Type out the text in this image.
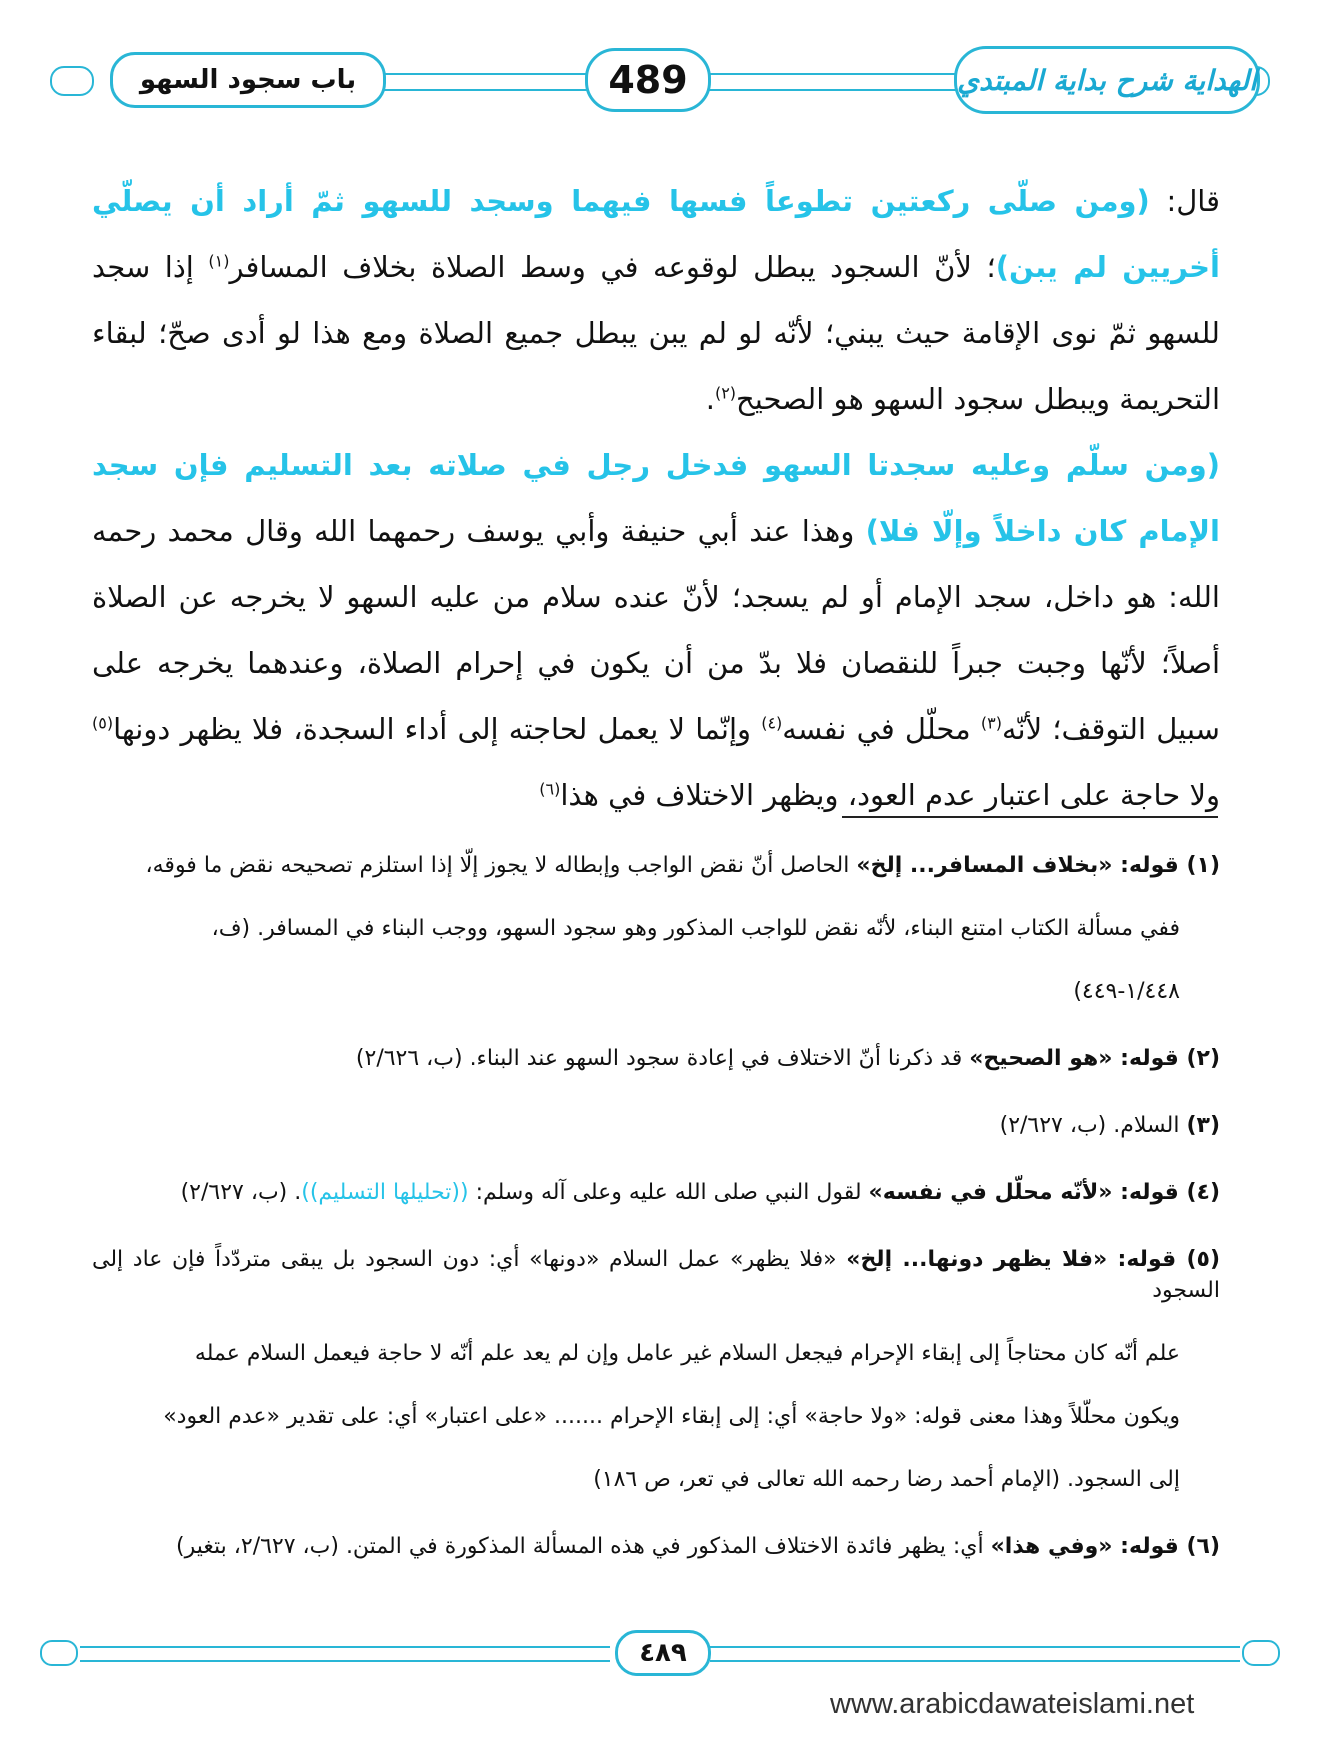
باب سجود السهو	489	الهداية شرح بداية المبتدي

قال: (ومن صلّى ركعتين تطوعاً فسها فيهما وسجد للسهو ثمّ أراد أن يصلّي أخريين لم يبن)؛ لأنّ السجود يبطل لوقوعه في وسط الصلاة بخلاف المسافر$^{(١)}$ إذا سجد للسهو ثمّ نوى الإقامة حيث يبني؛ لأنّه لو لم يبن يبطل جميع الصلاة ومع هذا لو أدى صحّ؛ لبقاء التحريمة ويبطل سجود السهو هو الصحيح$^{(٢)}$.

(ومن سلّم وعليه سجدتا السهو فدخل رجل في صلاته بعد التسليم فإن سجد الإمام كان داخلاً وإلّا فلا) وهذا عند أبي حنيفة وأبي يوسف رحمهما الله وقال محمد رحمه الله: هو داخل، سجد الإمام أو لم يسجد؛ لأنّ عنده سلام من عليه السهو لا يخرجه عن الصلاة أصلاً؛ لأنّها وجبت جبراً للنقصان فلا بدّ من أن يكون في إحرام الصلاة، وعندهما يخرجه على سبيل التوقف؛ لأنّه$^{(٣)}$ محلّل في نفسه$^{(٤)}$ وإنّما لا يعمل لحاجته إلى أداء السجدة، فلا يظهر دونها$^{(٥)}$ ولا حاجة على اعتبار عدم العود، ويظهر الاختلاف في هذا$^{(٦)}$

(١) قوله: «بخلاف المسافر... إلخ» الحاصل أنّ نقض الواجب وإبطاله لا يجوز إلّا إذا استلزم تصحيحه نقض ما فوقه،
ففي مسألة الكتاب امتنع البناء، لأنّه نقض للواجب المذكور وهو سجود السهو، ووجب البناء في المسافر. (ف،
١/٤٤٨-٤٤٩)

(٢) قوله: «هو الصحيح» قد ذكرنا أنّ الاختلاف في إعادة سجود السهو عند البناء. (ب، ٢/٦٢٦)

(٣) السلام. (ب، ٢/٦٢٧)

(٤) قوله: «لأنّه محلّل في نفسه» لقول النبي صلى الله عليه وعلى آله وسلم: ((تحليلها التسليم)). (ب، ٢/٦٢٧)

(٥) قوله: «فلا يظهر دونها... إلخ» «فلا يظهر» عمل السلام «دونها» أي: دون السجود بل يبقى متردّداً فإن عاد إلى السجود
علم أنّه كان محتاجاً إلى إبقاء الإحرام فيجعل السلام غير عامل وإن لم يعد علم أنّه لا حاجة فيعمل السلام عمله
ويكون محلّلاً وهذا معنى قوله: «ولا حاجة» أي: إلى إبقاء الإحرام ....... «على اعتبار» أي: على تقدير «عدم العود»
إلى السجود. (الإمام أحمد رضا رحمه الله تعالى في تعر، ص ١٨٦)

(٦) قوله: «وفي هذا» أي: يظهر فائدة الاختلاف المذكور في هذه المسألة المذكورة في المتن. (ب، ٢/٦٢٧، بتغير)

٤٨٩
www.arabicdawateislami.net
